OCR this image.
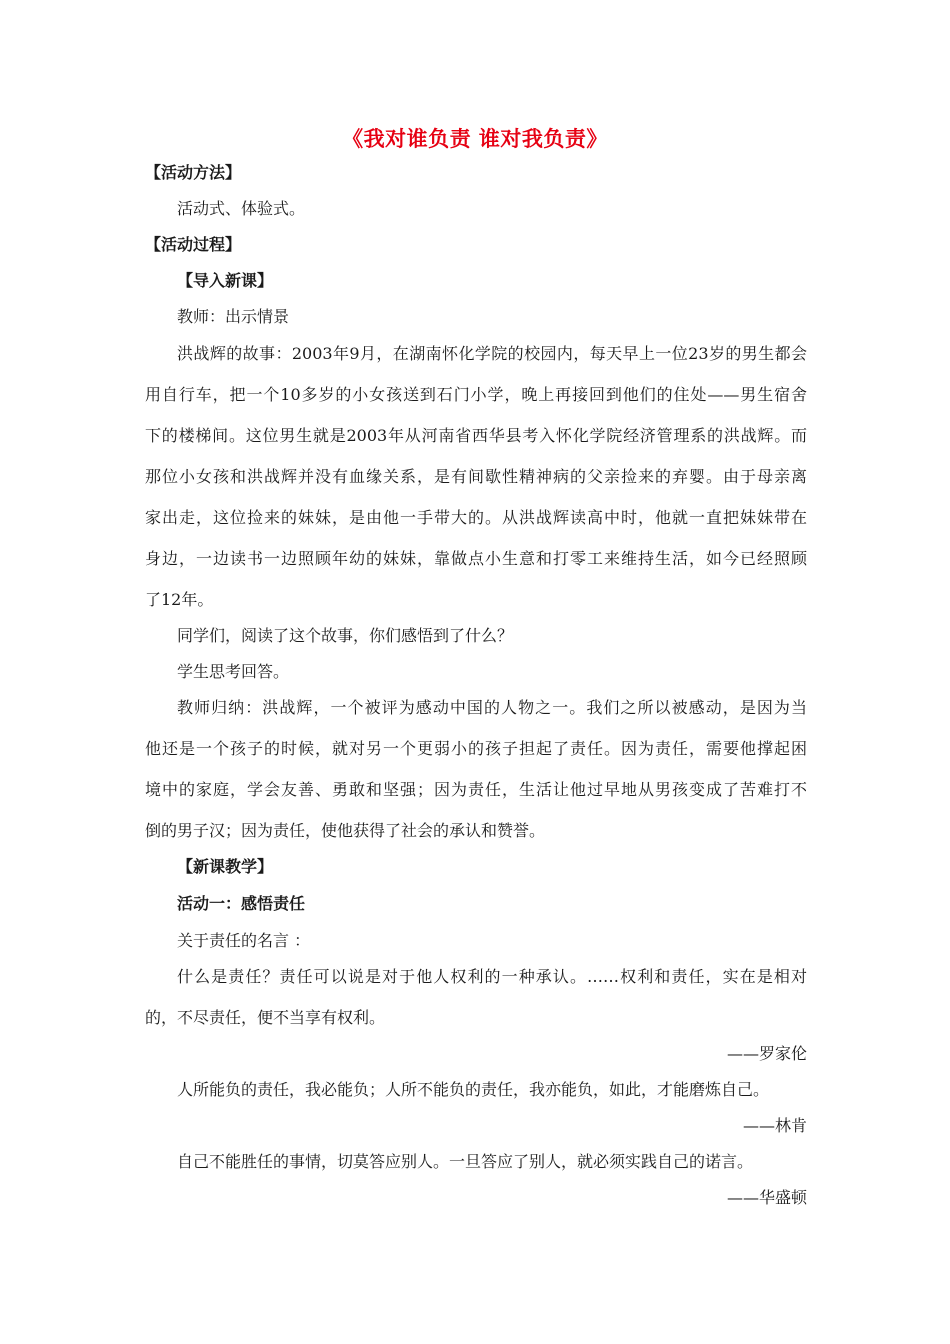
《我对谁负责 谁对我负责》
【活动方法】
活动式、体验式。
【活动过程】
【导入新课】
教师：出示情景
洪战辉的故事：2003年9月，在湖南怀化学院的校园内，每天早上一位23岁的男生都会
用自行车，把一个10多岁的小女孩送到石门小学，晚上再接回到他们的住处——男生宿舍
下的楼梯间。这位男生就是2003年从河南省西华县考入怀化学院经济管理系的洪战辉。而
那位小女孩和洪战辉并没有血缘关系，是有间歇性精神病的父亲捡来的弃婴。由于母亲离
家出走，这位捡来的妹妹，是由他一手带大的。从洪战辉读高中时，他就一直把妹妹带在
身边，一边读书一边照顾年幼的妹妹，靠做点小生意和打零工来维持生活，如今已经照顾
了12年。
同学们，阅读了这个故事，你们感悟到了什么？
学生思考回答。
教师归纳：洪战辉，一个被评为感动中国的人物之一。我们之所以被感动，是因为当
他还是一个孩子的时候，就对另一个更弱小的孩子担起了责任。因为责任，需要他撑起困
境中的家庭，学会友善、勇敢和坚强；因为责任，生活让他过早地从男孩变成了苦难打不
倒的男子汉；因为责任，使他获得了社会的承认和赞誉。
【新课教学】
活动一：感悟责任
关于责任的名言 ：
什么是责任？责任可以说是对于他人权利的一种承认。……权利和责任，实在是相对
的，不尽责任，便不当享有权利。
——罗家伦
人所能负的责任，我必能负；人所不能负的责任，我亦能负，如此，才能磨炼自己。
——林肯
自己不能胜任的事情，切莫答应别人。一旦答应了别人，就必须实践自己的诺言。
——华盛顿
